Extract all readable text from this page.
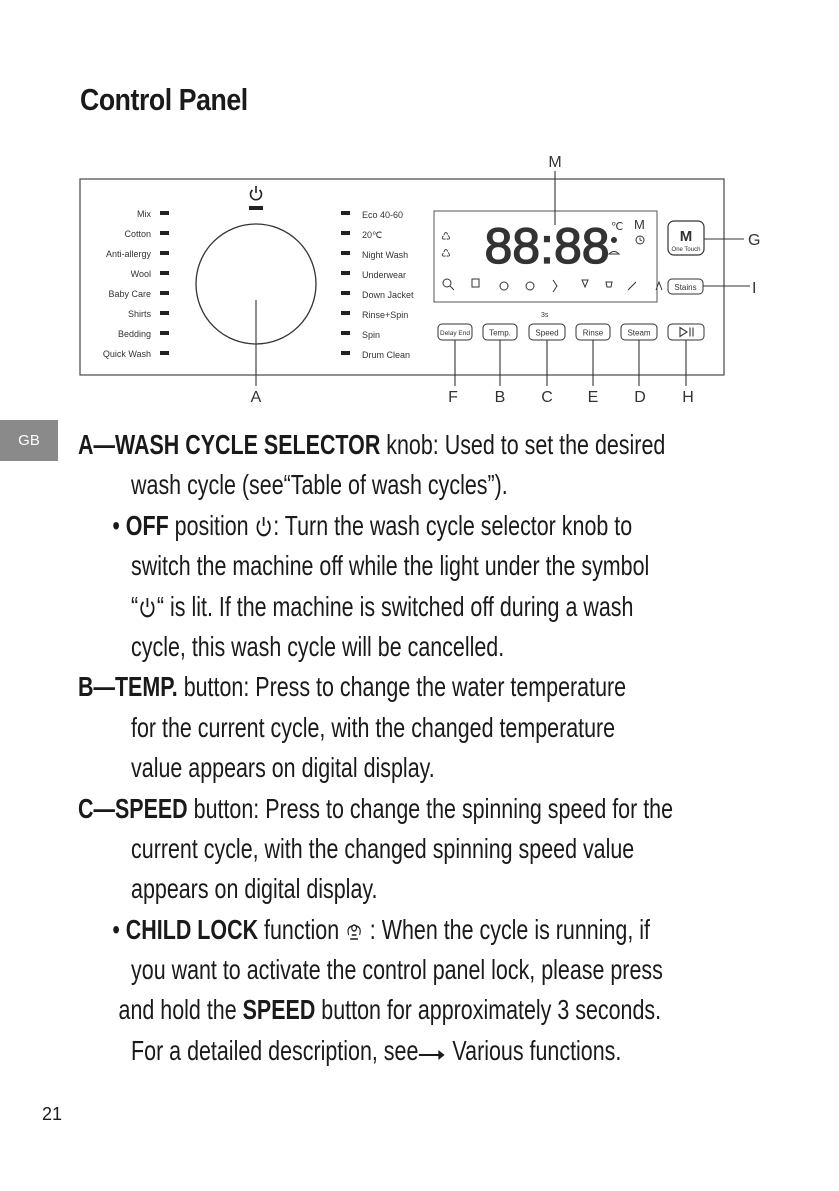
Control Panel
Mix
Cotton
Anti-allergy
Wool
Baby Care
Shirts
Bedding
Quick Wash
Eco 40-60
20℃
Night Wash
Underwear
Down Jacket
Rinse+Spin
Spin
Drum Clean
88:88 ℃ M
♺
♺
3s
M
One Touch
Stains
Delay End Temp.	Speed	Rinse	Steam
M
A	F B C E D H
G
I
GB	A—WASH CYCLE SELECTOR knob: Used to set the desired
wash cycle (see“Table of wash cycles”).
• OFF position : Turn the wash cycle selector knob to
switch the machine off while the light under the symbol
“ “ is lit. If the machine is switched off during a wash
cycle, this wash cycle will be cancelled.
B—TEMP. button: Press to change the water temperature
for the current cycle, with the changed temperature
value appears on digital display.
C—SPEED button: Press to change the spinning speed for the
current cycle, with the changed spinning speed value
appears on digital display.
• CHILD LOCK function  : When the cycle is running, if
you want to activate the control panel lock, please press
and hold the SPEED button for approximately 3 seconds.
For a detailed description, see Various functions.
21
